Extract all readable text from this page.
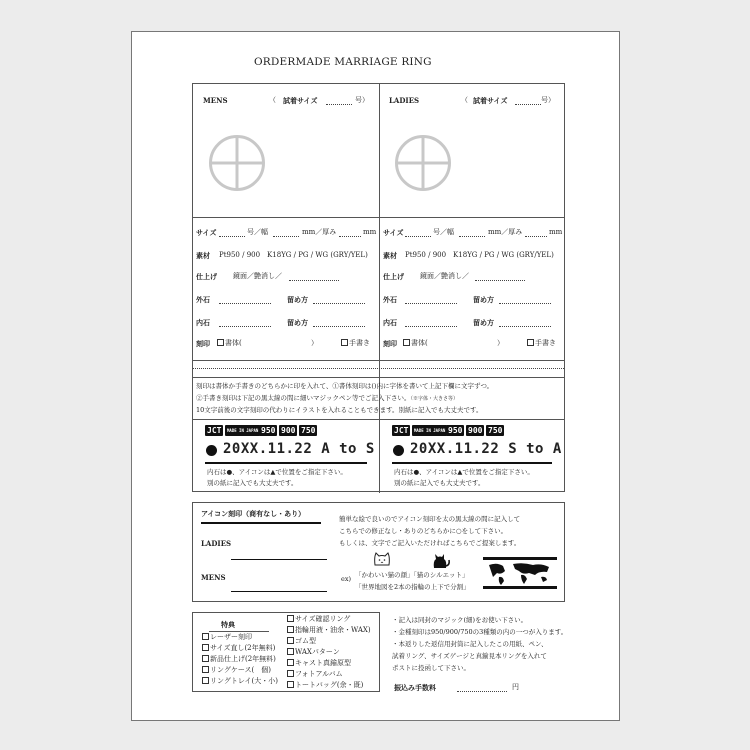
ORDERMADE MARRIAGE RING
MENS	（ 試着サイズ	号）	LADIES	（ 試着サイズ	号）
サイズ	号／幅	mm／厚み	mm
素材 Pt950 / 900　K18YG / PG / WG (GRY/YEL)
仕上げ 鏡面／艶消し／
外石	留め方
内石	留め方
刻印	書体(	）	手書き
サイズ	号／幅	mm／厚み	mm
素材 Pt950 / 900　K18YG / PG / WG (GRY/YEL)
仕上げ 鏡面／艶消し／
外石	留め方
内石	留め方
刻印	書体(	）	手書き
刻印は書体か手書きのどちらかに印を入れて、①書体刻印は()内に字体を書いて上記下欄に文字ずつ。
②手書き刻印は下記の黒太線の間に細いマジックペン等でご記入下さい。（※字体・大きさ等）
10文字前後の文字刻印の代わりにイラストを入れることもできます。別紙に記入でも大丈夫です。
JCT	MADE IN JAPAN 950 900 750
20XX.11.22 A to S
内石は●、アイコンは▲で位置をご指定下さい。
別の紙に記入でも大丈夫です。
JCT	MADE IN JAPAN 950 900 750
20XX.11.22 S to A
内石は●、アイコンは▲で位置をご指定下さい。
別の紙に記入でも大丈夫です。
アイコン刻印（商有なし・あり）
LADIES
MENS
簡単な絵で良いのでアイコン刻印を太の黒太線の間に記入して
こちらでの修正なし・ありのどちらかに○をして下さい。
もしくは、文字でご記入いただければこちらでご提案します。
ex) 「かわいい猫の顔」「猫のシルエット」
「世界地図を2本の指輪の上下で分割」
特典
レーザー刻印
サイズ直し(2年無料)
新品仕上げ(2年無料)
リングケース(　個)
リングトレイ(大・小)
サイズ確認リング
指輪用液・油余・WAX)
ゴム型
WAXパターン
キャスト真鍮原型
フォトアルバム
トートバッグ(余・既)
・記入は同封のマジック(細)をお使い下さい。
・金種刻印は950/900/750の3種類の内の一つが入ります。
・本返りした返信用封筒に記入したこの用紙、ペン、
試着リング、サイズゲージと真鍮見本リングを入れて
ポストに投函して下さい。
振込み手数料	円
